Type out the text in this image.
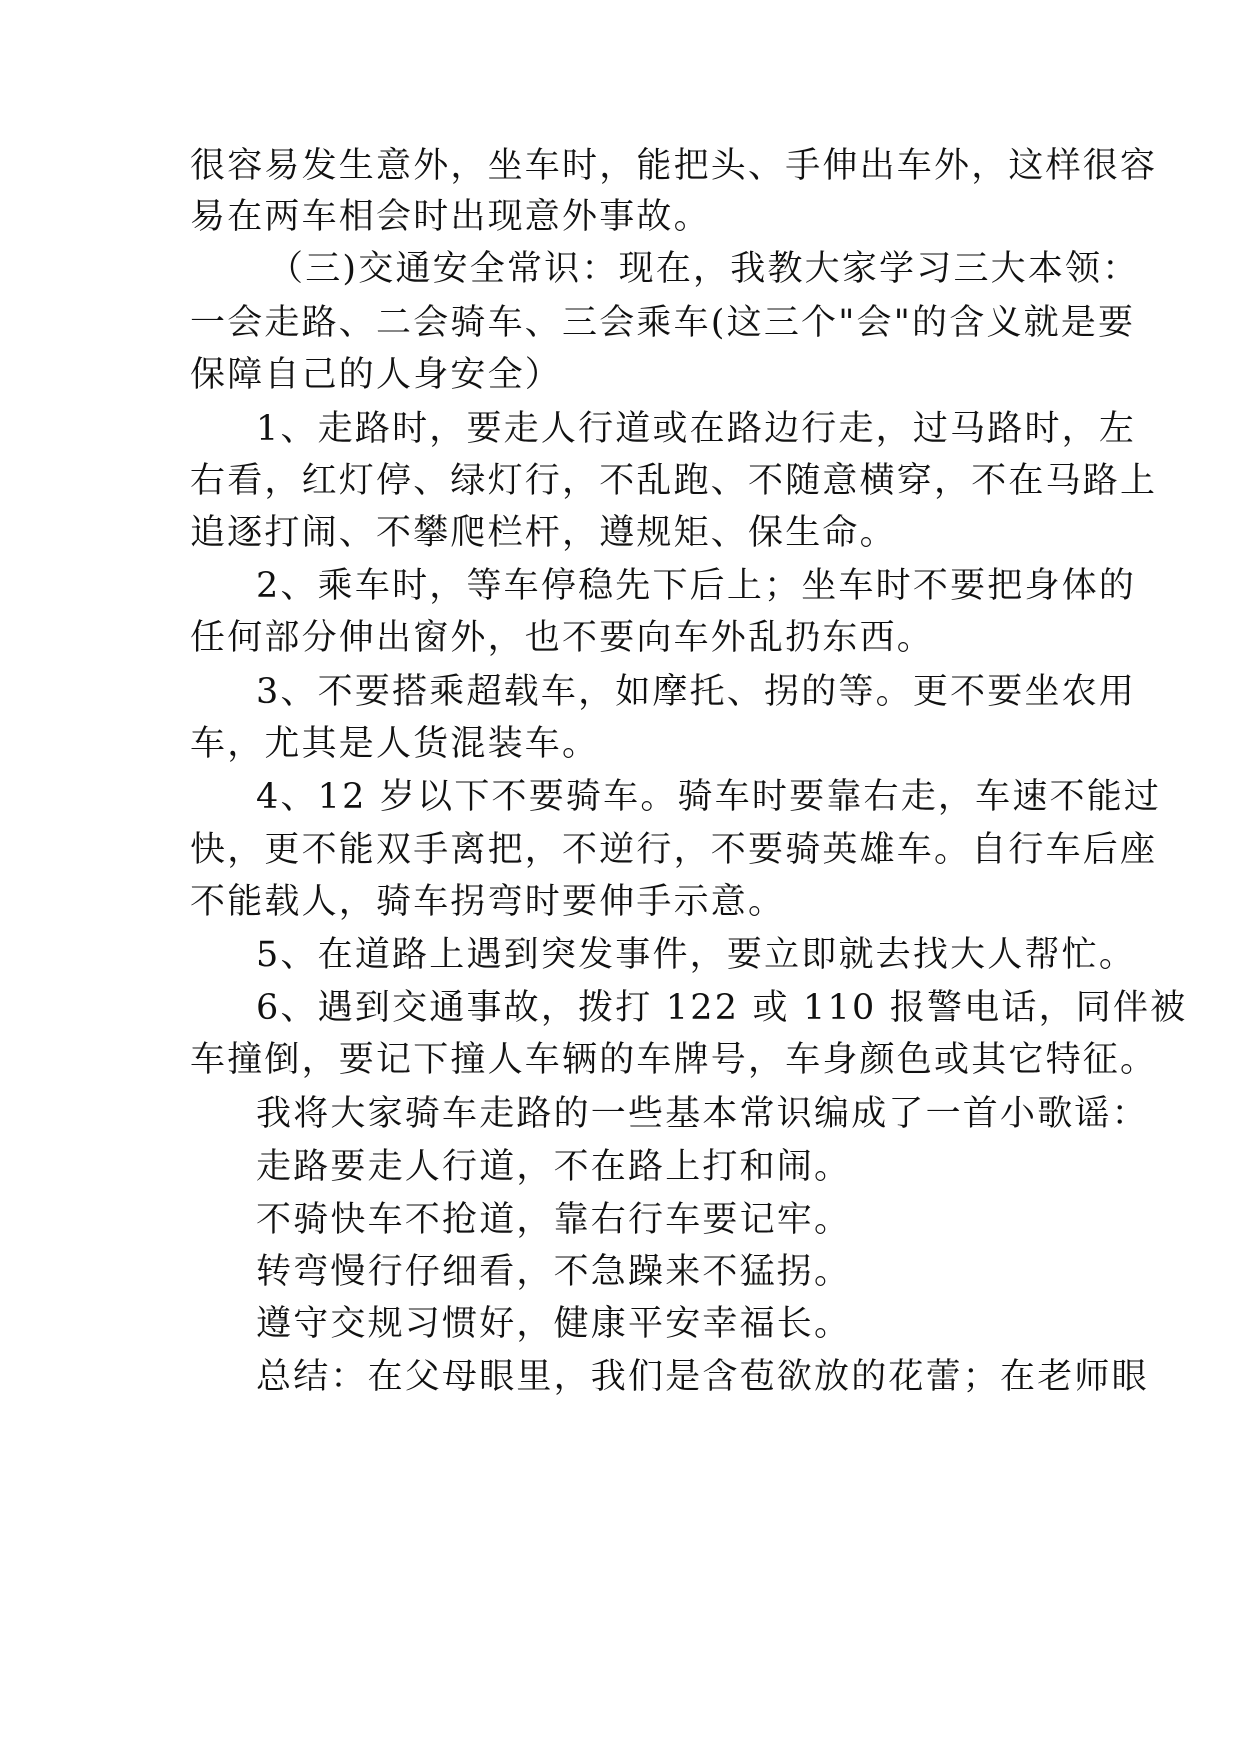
很容易发生意外，坐车时，能把头、手伸出车外，这样很容
易在两车相会时出现意外事故。
（三)交通安全常识：现在，我教大家学习三大本领：
一会走路、二会骑车、三会乘车(这三个"会"的含义就是要
保障自己的人身安全）
1、走路时，要走人行道或在路边行走，过马路时，左
右看，红灯停、绿灯行，不乱跑、不随意横穿，不在马路上
追逐打闹、不攀爬栏杆，遵规矩、保生命。
2、乘车时，等车停稳先下后上；坐车时不要把身体的
任何部分伸出窗外，也不要向车外乱扔东西。
3、不要搭乘超载车，如摩托、拐的等。更不要坐农用
车，尤其是人货混装车。
4、12 岁以下不要骑车。骑车时要靠右走，车速不能过
快，更不能双手离把，不逆行，不要骑英雄车。自行车后座
不能载人，骑车拐弯时要伸手示意。
5、在道路上遇到突发事件，要立即就去找大人帮忙。
6、遇到交通事故，拨打 122 或 110 报警电话，同伴被
车撞倒，要记下撞人车辆的车牌号，车身颜色或其它特征。
我将大家骑车走路的一些基本常识编成了一首小歌谣：
走路要走人行道，不在路上打和闹。
不骑快车不抢道，靠右行车要记牢。
转弯慢行仔细看，不急躁来不猛拐。
遵守交规习惯好，健康平安幸福长。
总结：在父母眼里，我们是含苞欲放的花蕾；在老师眼
